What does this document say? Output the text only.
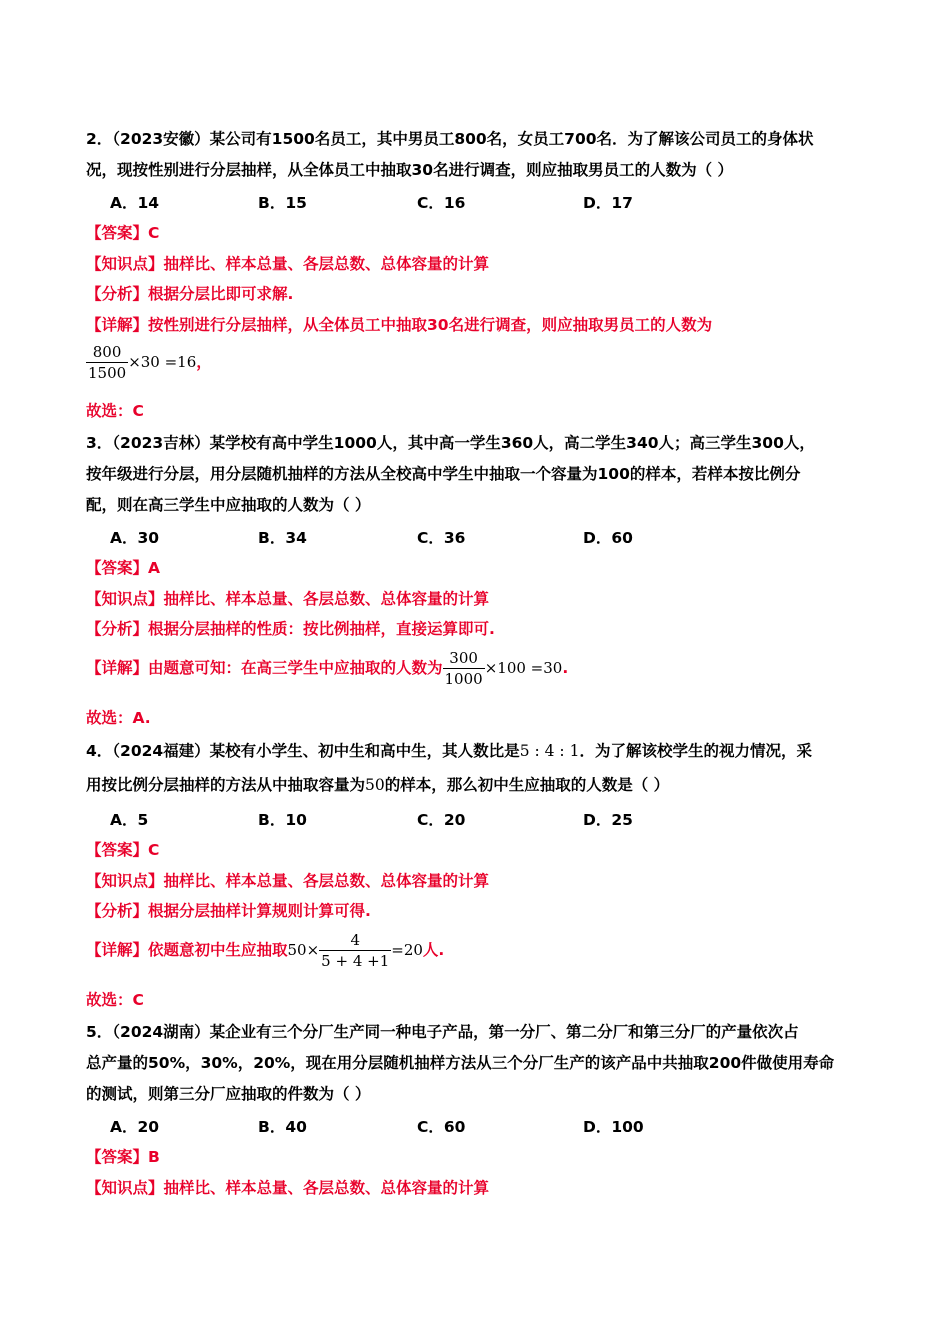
2．（2023安徽）某公司有1500名员工，其中男员工800名，女员工700名．为了解该公司员工的身体状
况，现按性别进行分层抽样，从全体员工中抽取30名进行调查，则应抽取男员工的人数为（ ）
A．14	B．15	C．16	D．17
【答案】C
【知识点】抽样比、样本总量、各层总数、总体容量的计算
【分析】根据分层比即可求解.
【详解】按性别进行分层抽样，从全体员工中抽取30名进行调查，则应抽取男员工的人数为
$\frac{800}{1500} \times 30 =16$，
故选：C
3．（2023吉林）某学校有高中学生1000人，其中高一学生360人，高二学生340人；高三学生300人，
按年级进行分层，用分层随机抽样的方法从全校高中学生中抽取一个容量为100的样本，若样本按比例分
配，则在高三学生中应抽取的人数为（ ）
A．30	B．34	C．36	D．60
【答案】A
【知识点】抽样比、样本总量、各层总数、总体容量的计算
【分析】根据分层抽样的性质：按比例抽样，直接运算即可.
【详解】由题意可知：在高三学生中应抽取的人数为 $\frac{300}{1000} \times 100 =30$.
故选：A.
4．（2024福建）某校有小学生、初中生和高中生，其人数比是5 : 4 : 1．为了解该校学生的视力情况，采
用按比例分层抽样的方法从中抽取容量为50的样本，那么初中生应抽取的人数是（ ）
A．5	B．10	C．20	D．25
【答案】C
【知识点】抽样比、样本总量、各层总数、总体容量的计算
【分析】根据分层抽样计算规则计算可得.
【详解】依题意初中生应抽取$50\times \frac{4}{5 + 4 +1} =20$人.
故选：C
5．（2024湖南）某企业有三个分厂生产同一种电子产品，第一分厂、第二分厂和第三分厂的产量依次占
总产量的50%，30%，20%，现在用分层随机抽样方法从三个分厂生产的该产品中共抽取200件做使用寿命
的测试，则第三分厂应抽取的件数为（ ）
A．20	B．40	C．60	D．100
【答案】B
【知识点】抽样比、样本总量、各层总数、总体容量的计算
